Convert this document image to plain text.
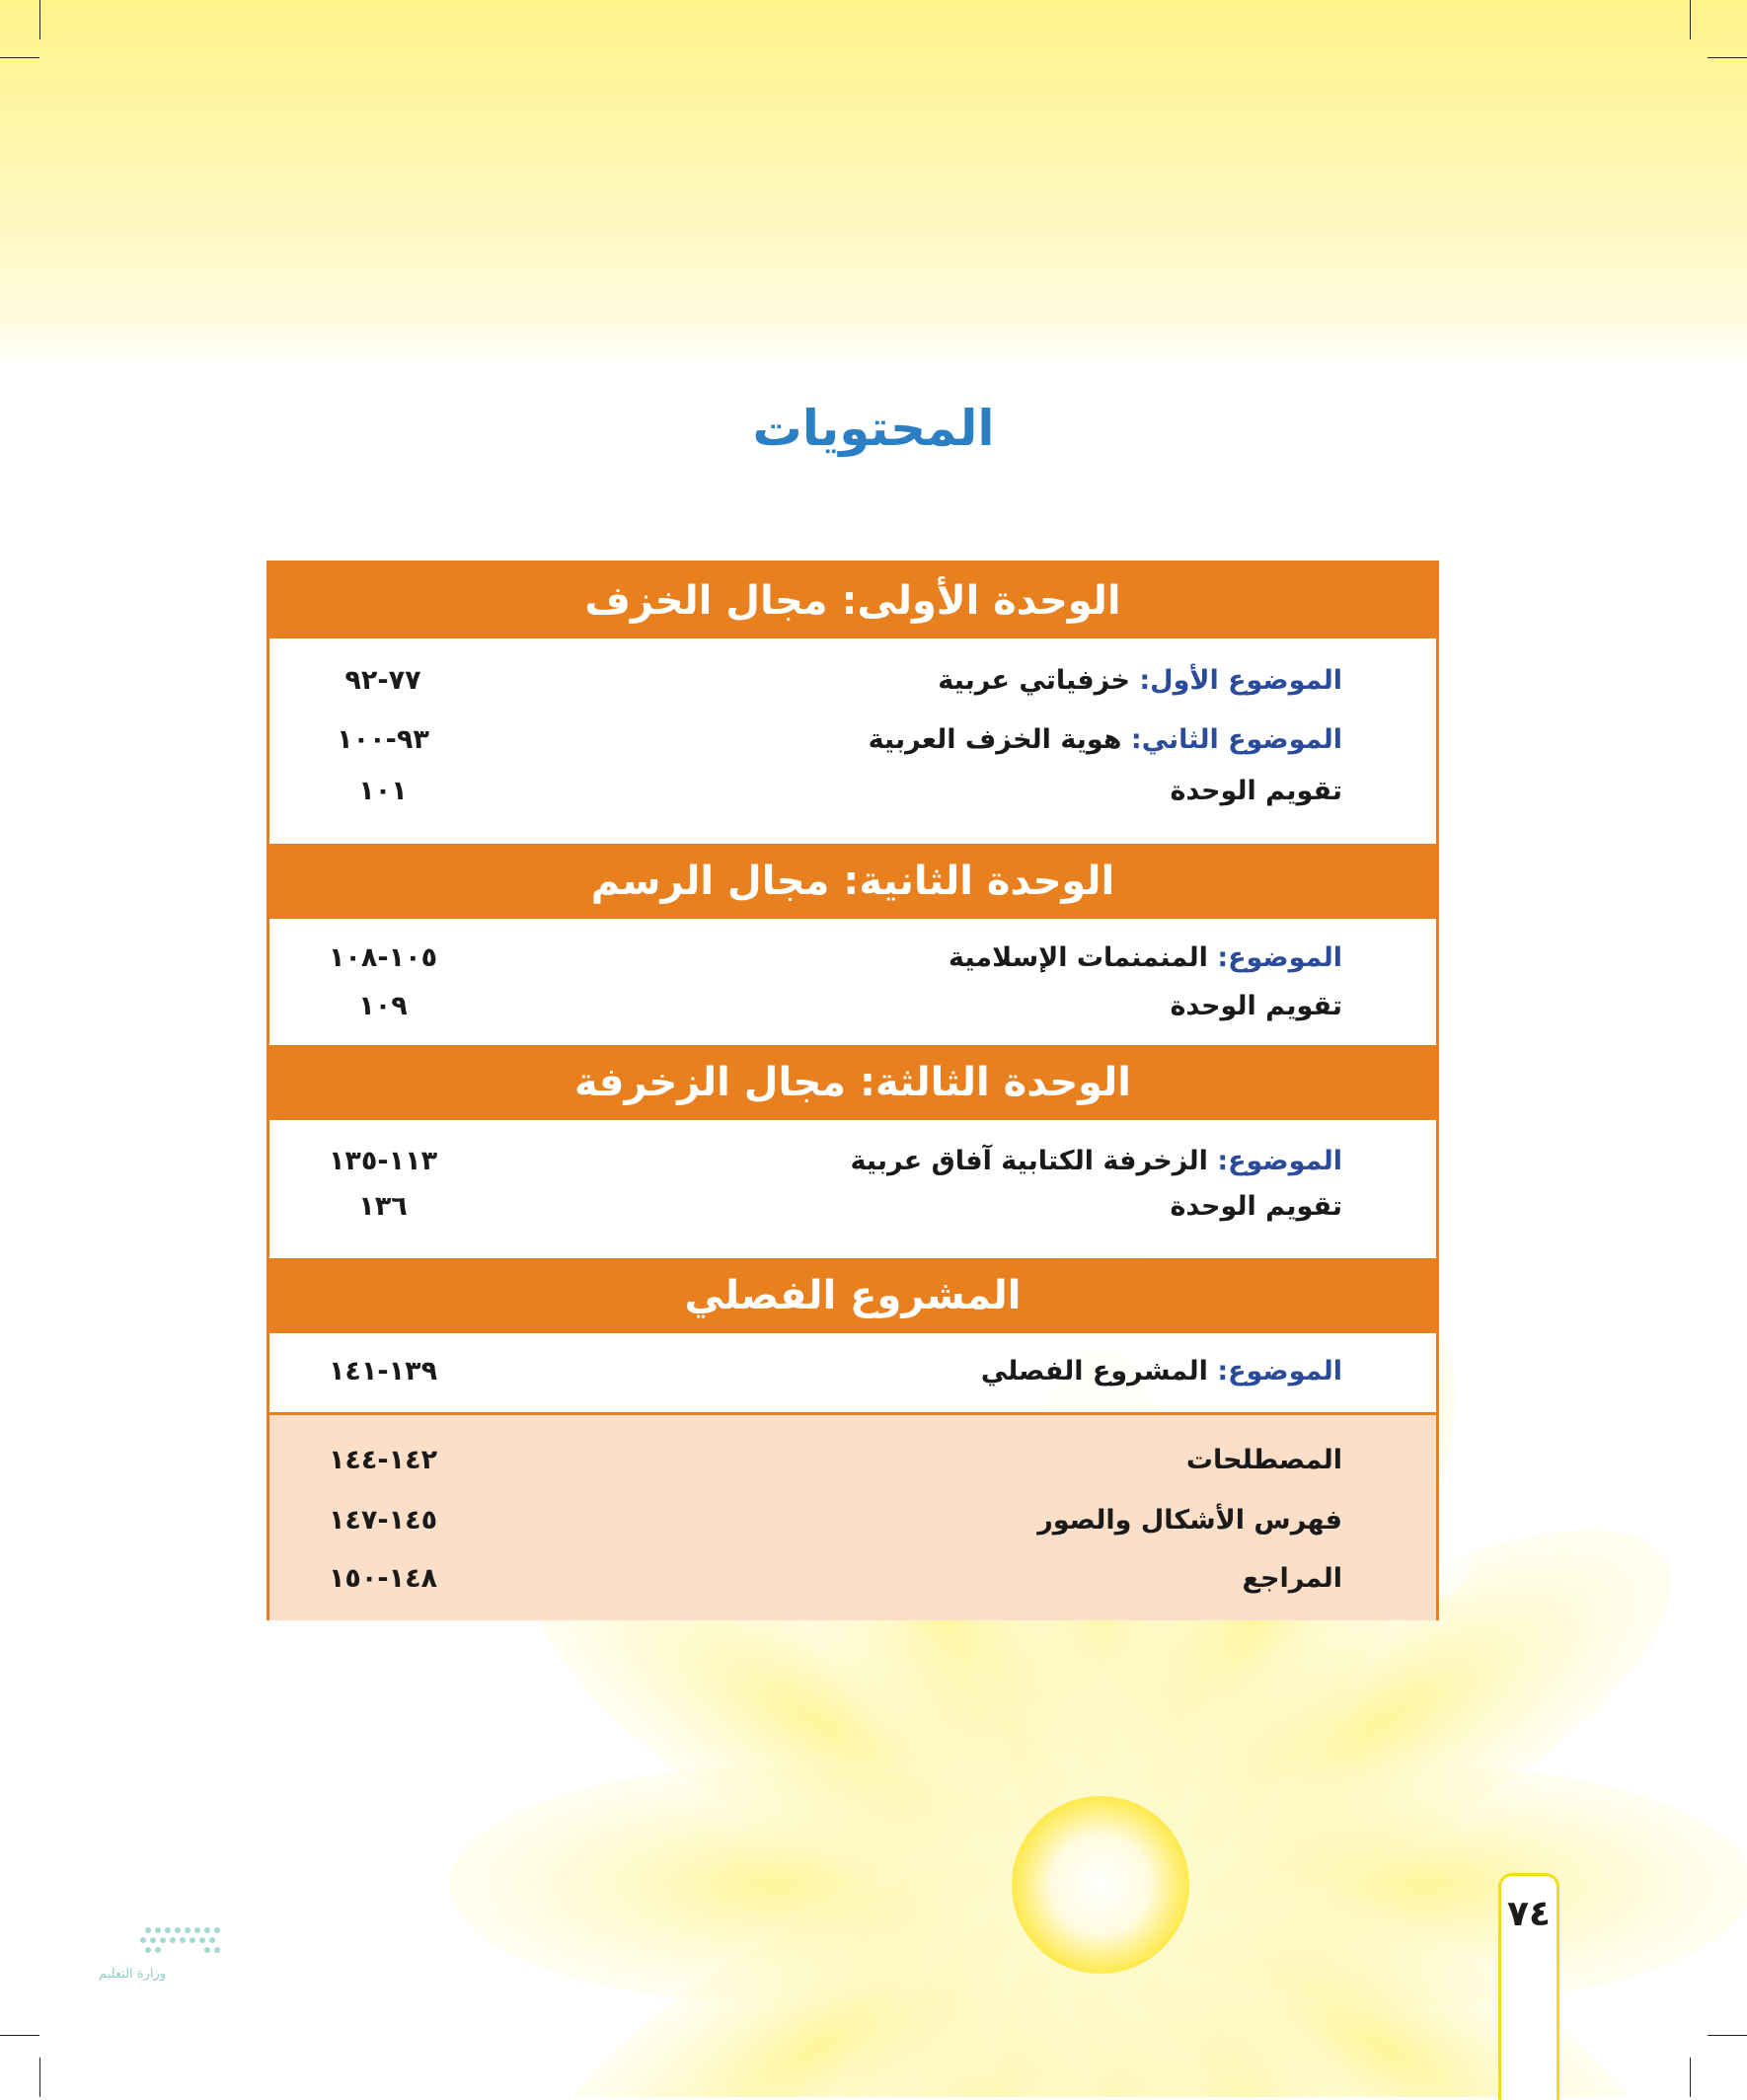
المحتويات
الوحدة الأولى: مجال الخزف
الموضوع الأول: خزفياتي عربية
٧٧-٩٢
الموضوع الثاني: هوية الخزف العربية
٩٣-١٠٠
تقويم الوحدة
١٠١
الوحدة الثانية: مجال الرسم
الموضوع: المنمنمات الإسلامية
١٠٥-١٠٨
تقويم الوحدة
١٠٩
الوحدة الثالثة: مجال الزخرفة
الموضوع: الزخرفة الكتابية آفاق عربية
١١٣-١٣٥
تقويم الوحدة
١٣٦
المشروع الفصلي
الموضوع: المشروع الفصلي
١٣٩-١٤١
المصطلحات
١٤٢-١٤٤
فهرس الأشكال والصور
١٤٥-١٤٧
المراجع
١٤٨-١٥٠
٧٤
وزارة التعليم
